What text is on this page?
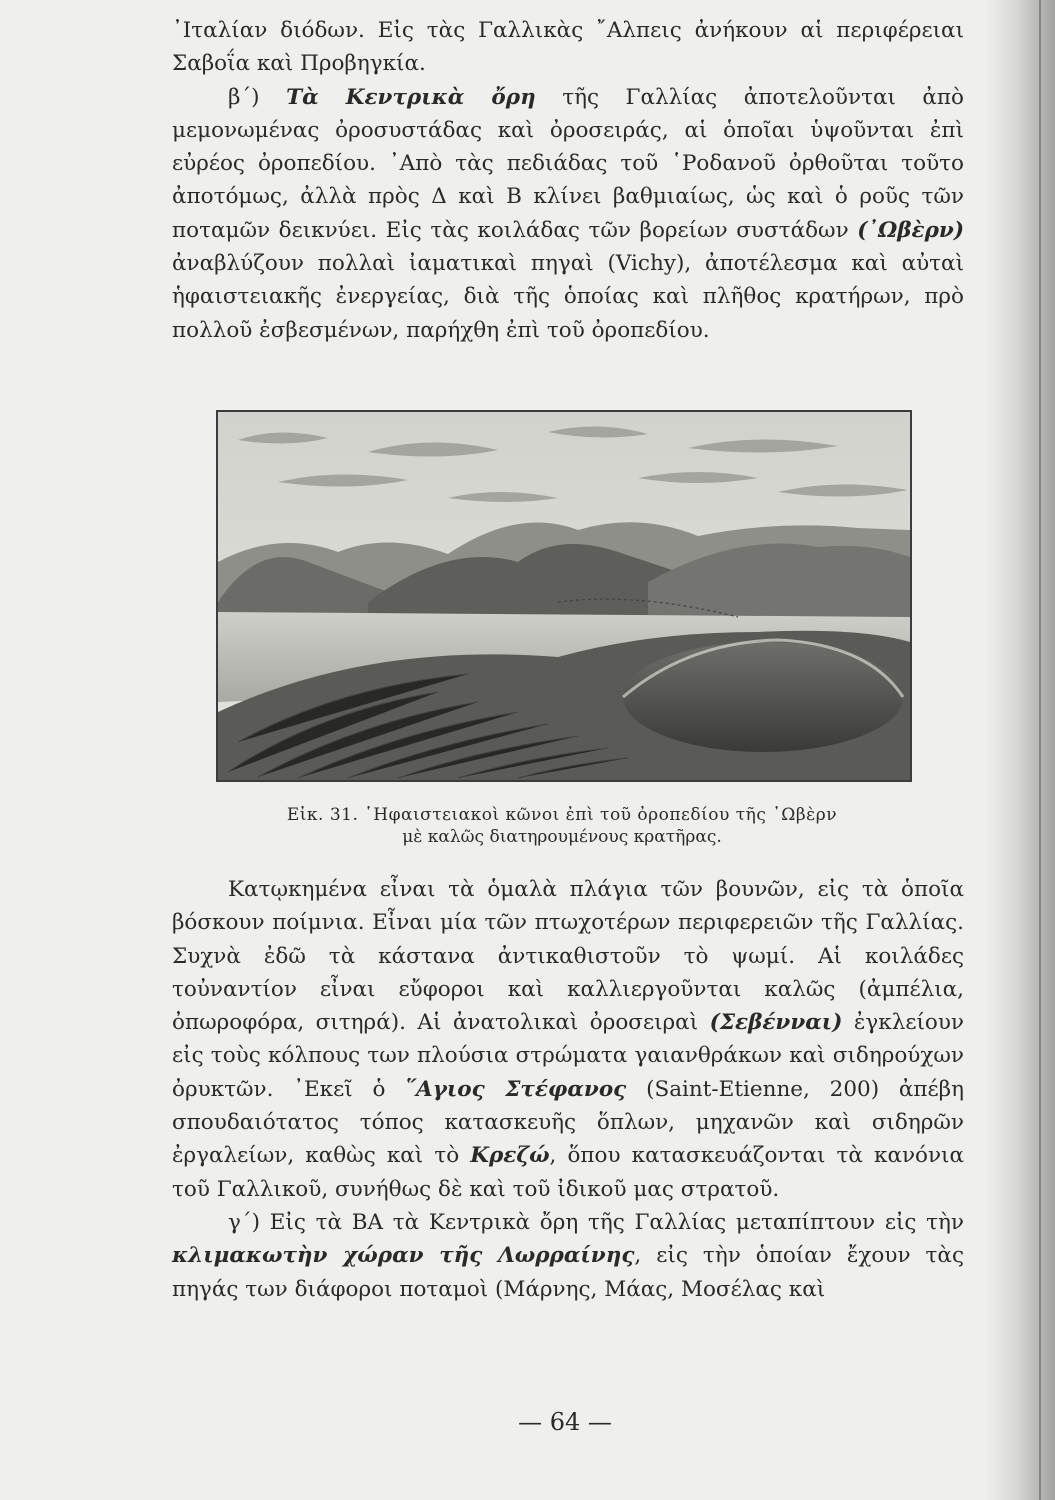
᾿Ιταλίαν διόδων. Εἰς τὰς Γαλλικὰς ῎Αλπεις ἀνήκουν αἱ περιφέρειαι Σαβοΐα καὶ Προβηγκία.

β΄) Τὰ Κεντρικὰ ὄρη τῆς Γαλλίας ἀποτελοῦνται ἀπὸ μεμονωμένας ὀροσυστάδας καὶ ὀροσειράς, αἱ ὁποῖαι ὑψοῦνται ἐπὶ εὐρέος ὀροπεδίου. ᾿Απὸ τὰς πεδιάδας τοῦ ῾Ροδανοῦ ὀρθοῦται τοῦτο ἀποτόμως, ἀλλὰ πρὸς Δ καὶ Β κλίνει βαθμιαίως, ὡς καὶ ὁ ροῦς τῶν ποταμῶν δεικνύει. Εἰς τὰς κοιλάδας τῶν βορείων συστάδων (᾿Ωβὲρν) ἀναβλύζουν πολλαὶ ἰαματικαὶ πηγαὶ (Vichy), ἀποτέλεσμα καὶ αὐταὶ ἡφαιστειακῆς ἐνεργείας, διὰ τῆς ὁποίας καὶ πλῆθος κρατήρων, πρὸ πολλοῦ ἐσβεσμένων, παρήχθη ἐπὶ τοῦ ὀροπεδίου.

Εἰκ. 31. ῾Ηφαιστειακοὶ κῶνοι ἐπὶ τοῦ ὀροπεδίου τῆς ᾿Ωβὲρν
μὲ καλῶς διατηρουμένους κρατῆρας.

Κατῳκημένα εἶναι τὰ ὁμαλὰ πλάγια τῶν βουνῶν, εἰς τὰ ὁποῖα βόσκουν ποίμνια. Εἶναι μία τῶν πτωχοτέρων περιφερειῶν τῆς Γαλλίας. Συχνὰ ἐδῶ τὰ κάστανα ἀντικαθιστοῦν τὸ ψωμί. Αἱ κοιλάδες τοὐναντίον εἶναι εὔφοροι καὶ καλλιεργοῦνται καλῶς (ἀμπέλια, ὀπωροφόρα, σιτηρά). Αἱ ἀνατολικαὶ ὀροσειραὶ (Σεβένναι) ἐγκλείουν εἰς τοὺς κόλπους των πλούσια στρώματα γαιανθράκων καὶ σιδηρούχων ὀρυκτῶν. ᾿Εκεῖ ὁ ῞Αγιος Στέφανος (Saint-Etienne, 200) ἀπέβη σπουδαιότατος τόπος κατασκευῆς ὅπλων, μηχανῶν καὶ σιδηρῶν ἐργαλείων, καθὼς καὶ τὸ Κρεζώ, ὅπου κατασκευάζονται τὰ κανόνια τοῦ Γαλλικοῦ, συνήθως δὲ καὶ τοῦ ἰδικοῦ μας στρατοῦ.

γ΄) Εἰς τὰ ΒΑ τὰ Κεντρικὰ ὄρη τῆς Γαλλίας μεταπίπτουν εἰς τὴν κλιμακωτὴν χώραν τῆς Λωρραίνης, εἰς τὴν ὁποίαν ἔχουν τὰς πηγάς των διάφοροι ποταμοὶ (Μάρνης, Μάας, Μοσέλας καὶ

— 64 —
